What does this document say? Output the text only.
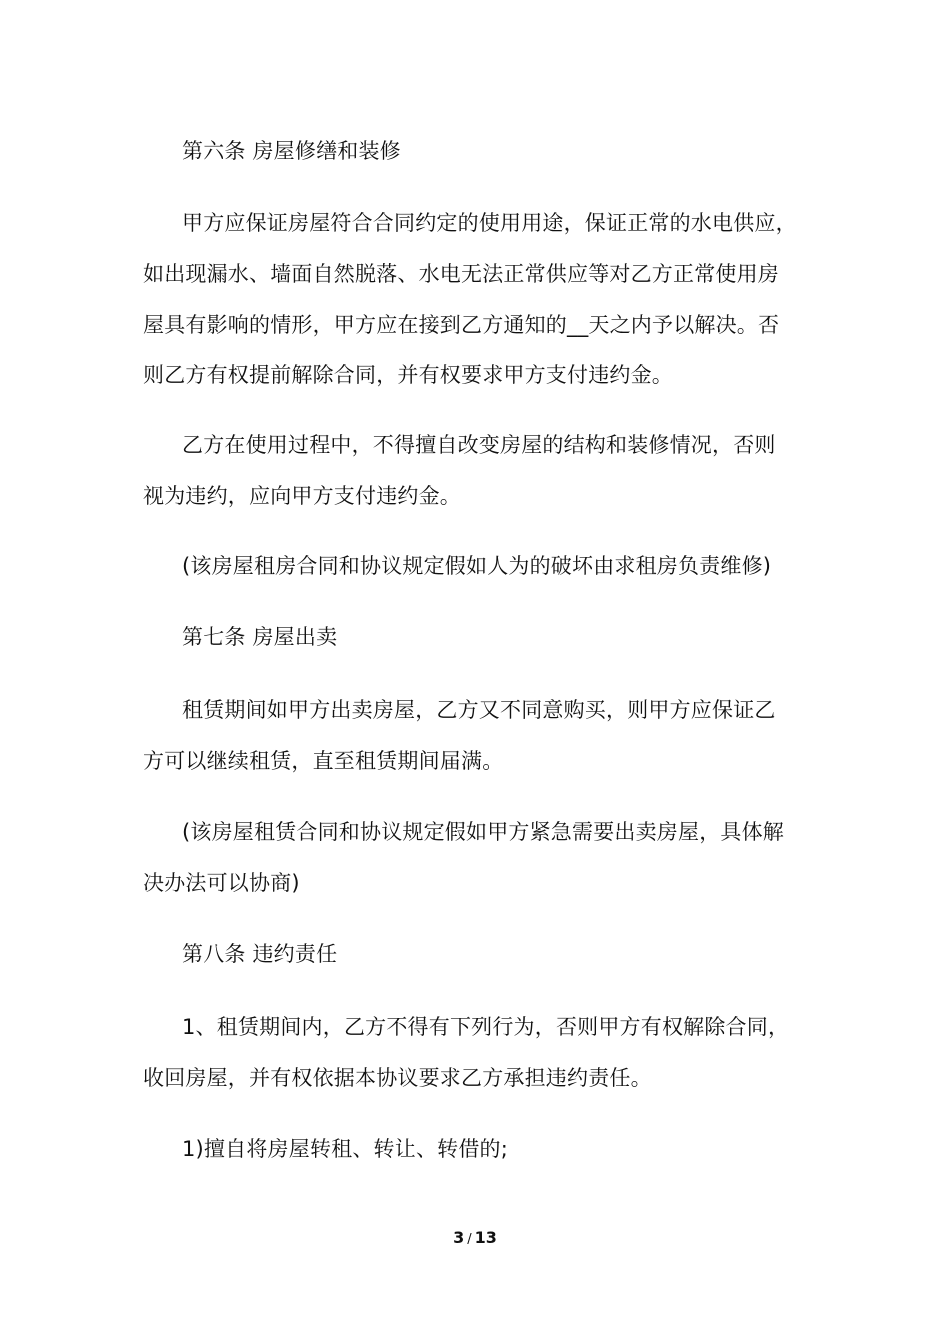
第六条 房屋修缮和装修
甲方应保证房屋符合合同约定的使用用途，保证正常的水电供应，
如出现漏水、墙面自然脱落、水电无法正常供应等对乙方正常使用房
屋具有影响的情形，甲方应在接到乙方通知的__天之内予以解决。否
则乙方有权提前解除合同，并有权要求甲方支付违约金。
乙方在使用过程中，不得擅自改变房屋的结构和装修情况，否则
视为违约，应向甲方支付违约金。
(该房屋租房合同和协议规定假如人为的破坏由求租房负责维修)
第七条 房屋出卖
租赁期间如甲方出卖房屋，乙方又不同意购买，则甲方应保证乙
方可以继续租赁，直至租赁期间届满。
(该房屋租赁合同和协议规定假如甲方紧急需要出卖房屋，具体解
决办法可以协商)
第八条 违约责任
1、租赁期间内，乙方不得有下列行为，否则甲方有权解除合同，
收回房屋，并有权依据本协议要求乙方承担违约责任。
1)擅自将房屋转租、转让、转借的;
3 / 13
